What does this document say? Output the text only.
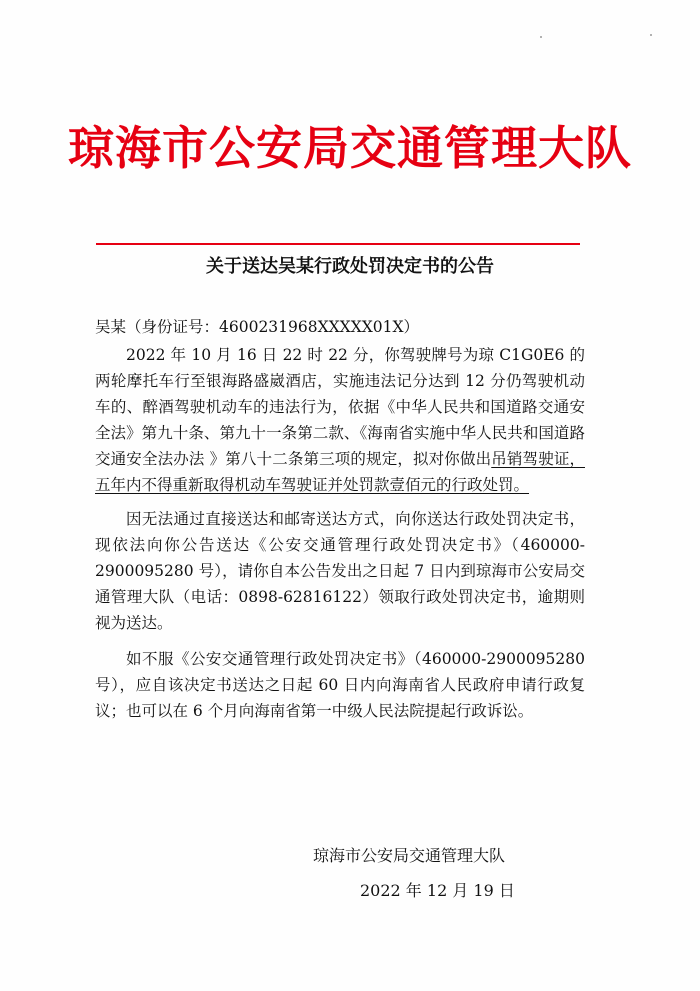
琼海市公安局交通管理大队
关于送达吴某行政处罚决定书的公告

吴某（身份证号：4600231968XXXXX01X）

2022 年 10 月 16 日 22 时 22 分，你驾驶牌号为琼 C1G0E6 的两轮摩托车行至银海路盛崴酒店，实施违法记分达到 12 分仍驾驶机动车的、醉酒驾驶机动车的违法行为，依据《中华人民共和国道路交通安全法》第九十条、第九十一条第二款、《海南省实施中华人民共和国道路交通安全法办法 》第八十二条第三项的规定，拟对你做出吊销驾驶证，五年内不得重新取得机动车驾驶证并处罚款壹佰元的行政处罚。

因无法通过直接送达和邮寄送达方式，向你送达行政处罚决定书，现依法向你公告送达《公安交通管理行政处罚决定书》（460000-2900095280 号），请你自本公告发出之日起 7 日内到琼海市公安局交通管理大队（电话：0898-62816122）领取行政处罚决定书，逾期则视为送达。

如不服《公安交通管理行政处罚决定书》（460000-2900095280 号），应自该决定书送达之日起 60 日内向海南省人民政府申请行政复议；也可以在 6 个月向海南省第一中级人民法院提起行政诉讼。

琼海市公安局交通管理大队
2022 年 12 月 19 日
